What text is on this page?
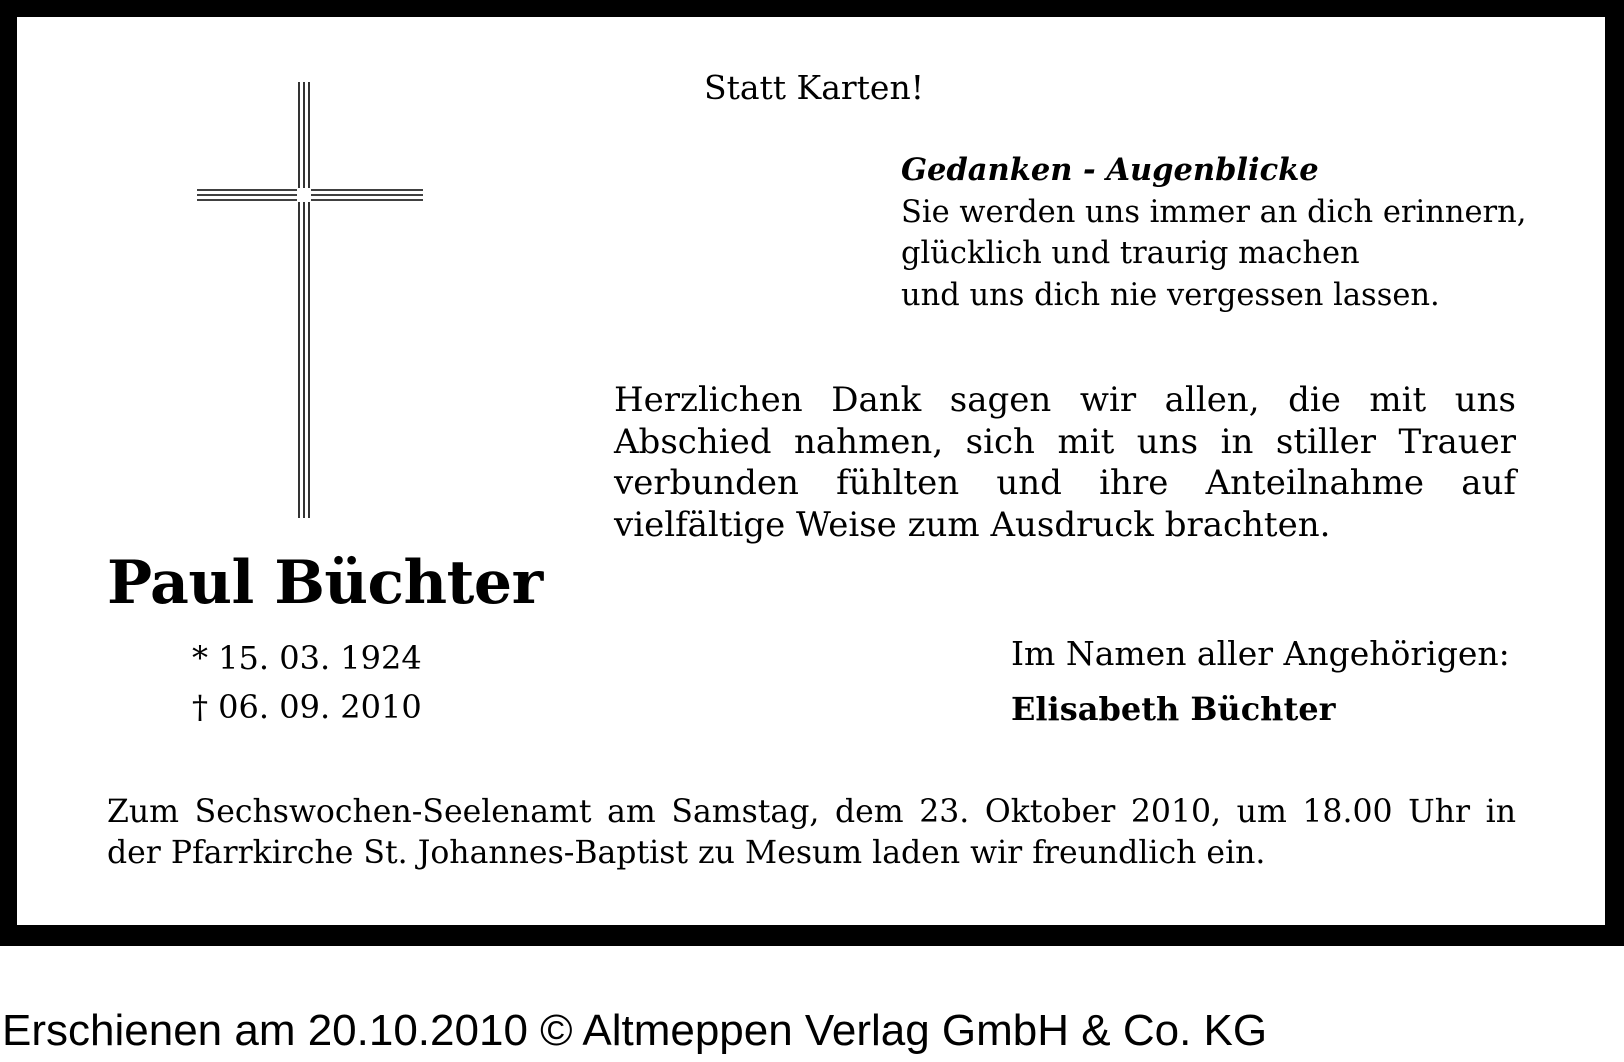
Statt Karten!
Gedanken - Augenblicke
Sie werden uns immer an dich erinnern,
glücklich und traurig machen
und uns dich nie vergessen lassen.
Herzlichen Dank sagen wir allen, die mit uns
Abschied nahmen, sich mit uns in stiller Trauer
verbunden fühlten und ihre Anteilnahme auf
vielfältige Weise zum Ausdruck brachten.
Paul Büchter
* 15. 03. 1924
† 06. 09. 2010
Im Namen aller Angehörigen:
Elisabeth Büchter
Zum Sechswochen-Seelenamt am Samstag, dem 23. Oktober 2010, um 18.00 Uhr in
der Pfarrkirche St. Johannes-Baptist zu Mesum laden wir freundlich ein.
Erschienen am 20.10.2010 © Altmeppen Verlag GmbH & Co. KG
